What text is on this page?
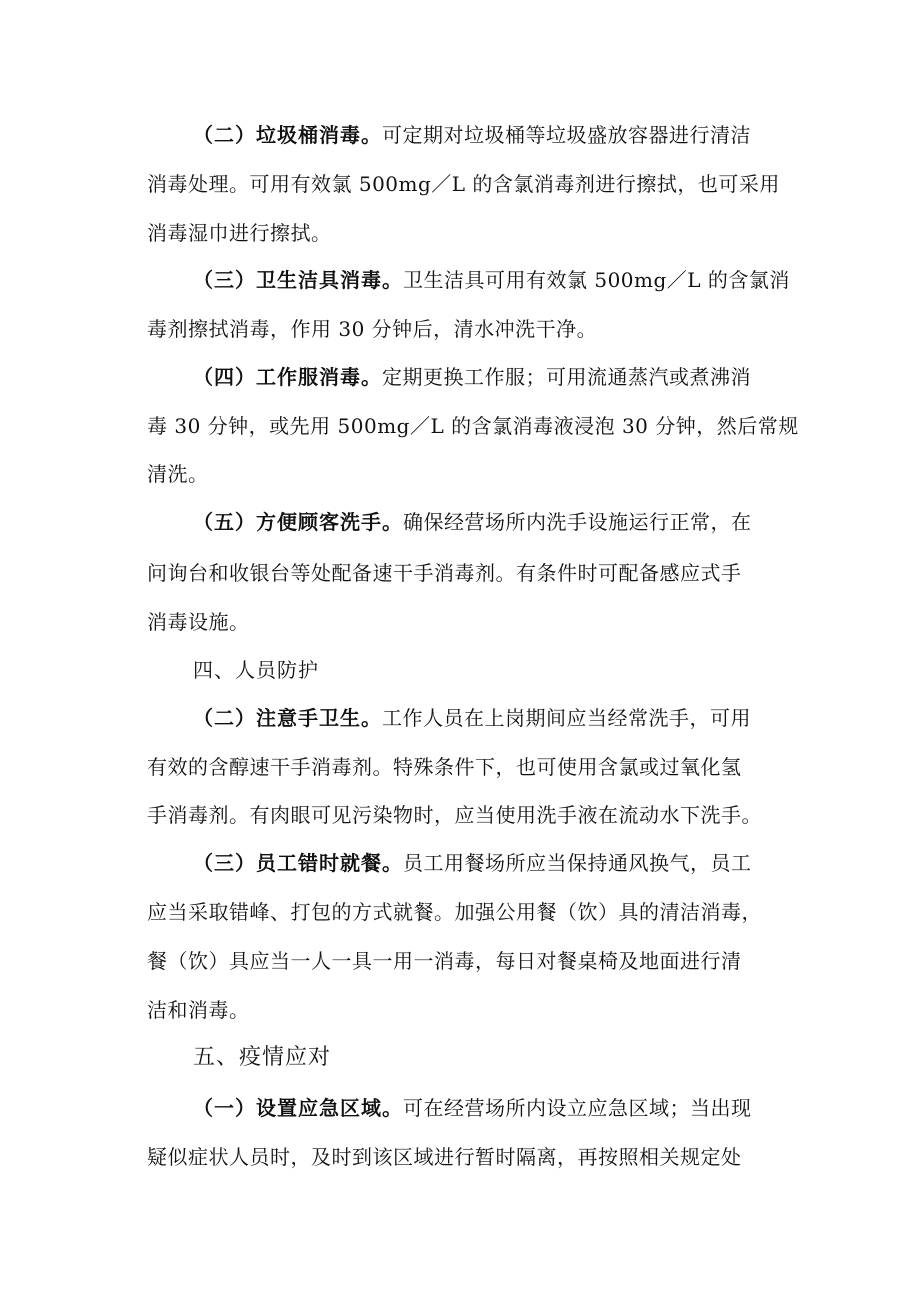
（二）垃圾桶消毒。可定期对垃圾桶等垃圾盛放容器进行清洁
消毒处理。可用有效氯 500mg／L 的含氯消毒剂进行擦拭，也可采用
消毒湿巾进行擦拭。
（三）卫生洁具消毒。卫生洁具可用有效氯 500mg／L 的含氯消
毒剂擦拭消毒，作用 30 分钟后，清水冲洗干净。
（四）工作服消毒。定期更换工作服；可用流通蒸汽或煮沸消
毒 30 分钟，或先用 500mg／L 的含氯消毒液浸泡 30 分钟，然后常规
清洗。
（五）方便顾客洗手。确保经营场所内洗手设施运行正常，在
问询台和收银台等处配备速干手消毒剂。有条件时可配备感应式手
消毒设施。
四、人员防护
（二）注意手卫生。工作人员在上岗期间应当经常洗手，可用
有效的含醇速干手消毒剂。特殊条件下，也可使用含氯或过氧化氢
手消毒剂。有肉眼可见污染物时，应当使用洗手液在流动水下洗手。
（三）员工错时就餐。员工用餐场所应当保持通风换气，员工
应当采取错峰、打包的方式就餐。加强公用餐（饮）具的清洁消毒，
餐（饮）具应当一人一具一用一消毒，每日对餐桌椅及地面进行清
洁和消毒。
五、疫情应对
（一）设置应急区域。可在经营场所内设立应急区域；当出现
疑似症状人员时，及时到该区域进行暂时隔离，再按照相关规定处
